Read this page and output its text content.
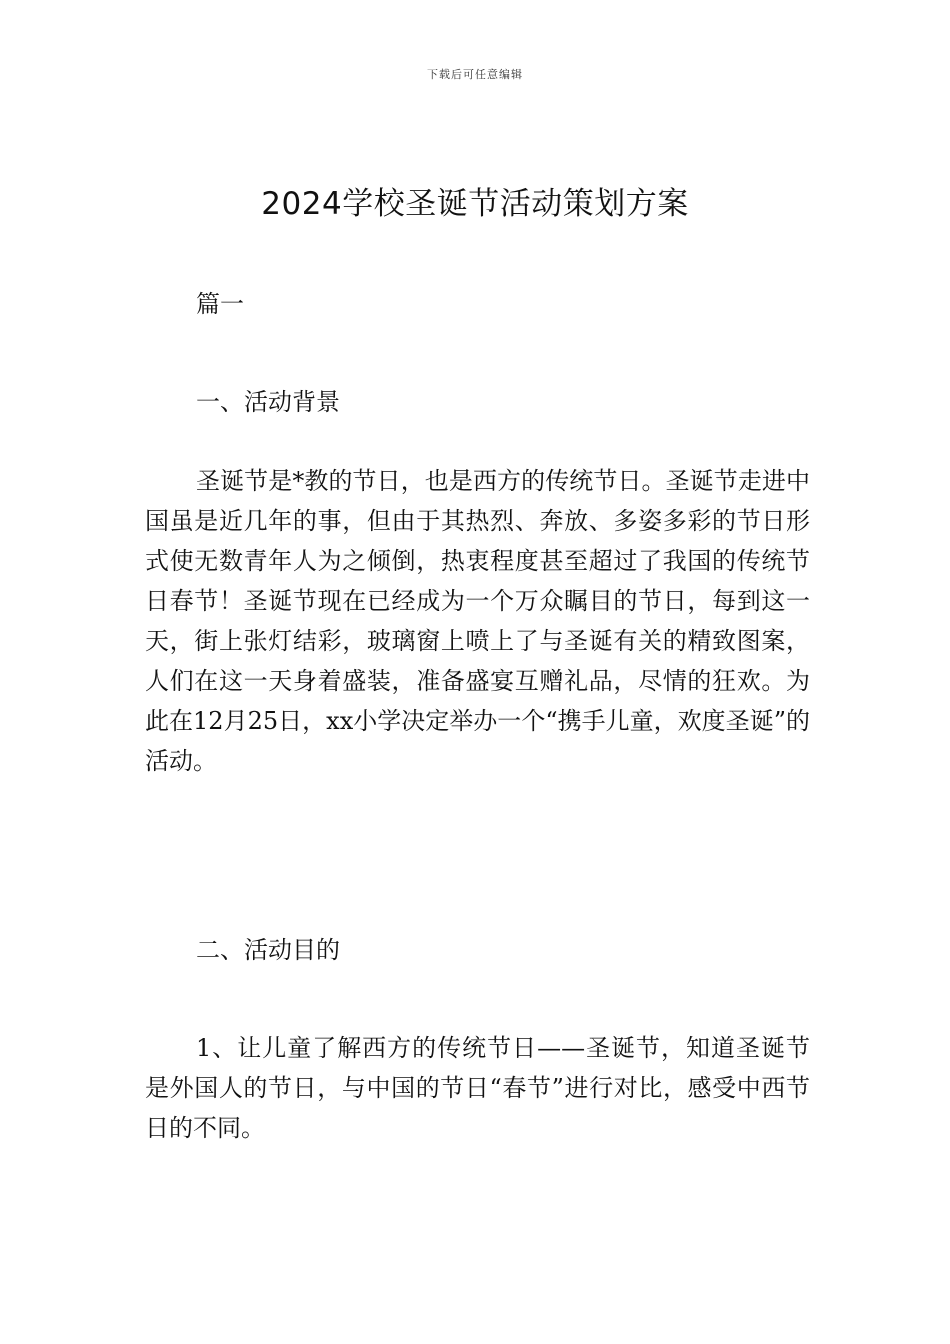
下载后可任意编辑
2024学校圣诞节活动策划方案

篇一

一、活动背景

圣诞节是*教的节日，也是西方的传统节日。圣诞节走进中国虽是近几年的事，但由于其热烈、奔放、多姿多彩的节日形式使无数青年人为之倾倒，热衷程度甚至超过了我国的传统节日春节！圣诞节现在已经成为一个万众瞩目的节日，每到这一天，街上张灯结彩，玻璃窗上喷上了与圣诞有关的精致图案，人们在这一天身着盛装，准备盛宴互赠礼品，尽情的狂欢。为此在12月25日，xx小学决定举办一个“携手儿童，欢度圣诞”的活动。

二、活动目的

1、让儿童了解西方的传统节日——圣诞节，知道圣诞节是外国人的节日，与中国的节日“春节”进行对比，感受中西节日的不同。
